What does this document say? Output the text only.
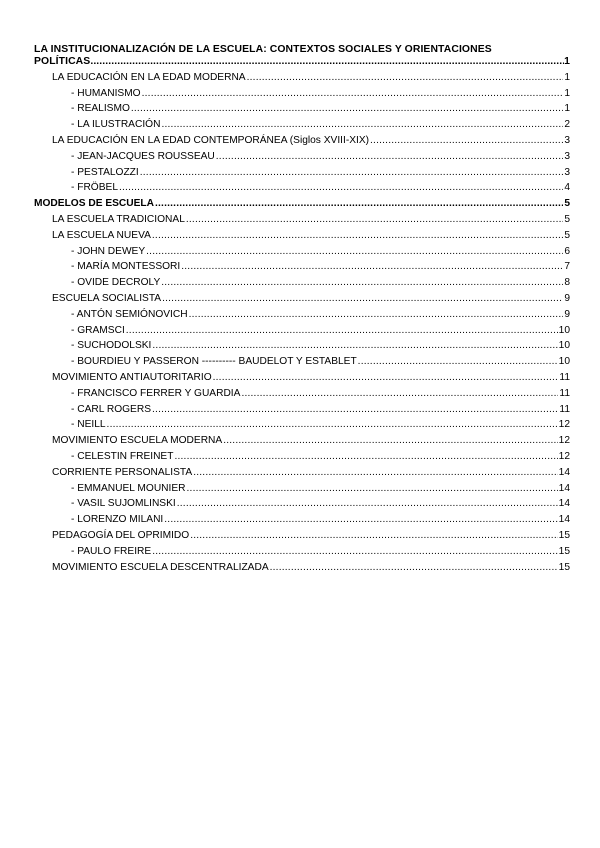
LA INSTITUCIONALIZACIÓN DE LA ESCUELA: CONTEXTOS SOCIALES Y ORIENTACIONES
POLÍTICAS .....	1
LA EDUCACIÓN EN LA EDAD MODERNA .....	1
- HUMANISMO .....	1
- REALISMO .....	1
- LA ILUSTRACIÓN .....	2
LA EDUCACIÓN EN LA EDAD CONTEMPORÁNEA (Siglos XVIII-XIX) .....	3
- JEAN-JACQUES ROUSSEAU .....	3
- PESTALOZZI .....	3
- FRÖBEL .....	4
MODELOS DE ESCUELA .....	5
LA ESCUELA TRADICIONAL .....	5
LA ESCUELA NUEVA .....	5
- JOHN DEWEY .....	6
- MARÍA MONTESSORI .....	7
- OVIDE DECROLY .....	8
ESCUELA SOCIALISTA .....	9
- ANTÓN SEMIÓNOVICH .....	9
- GRAMSCI .....	10
- SUCHODOLSKI .....	10
- BOURDIEU Y PASSERON ---------- BAUDELOT Y ESTABLET .....	10
MOVIMIENTO ANTIAUTORITARIO .....	11
- FRANCISCO FERRER Y GUARDIA .....	11
- CARL ROGERS .....	11
- NEILL .....	12
MOVIMIENTO ESCUELA MODERNA .....	12
- CELESTIN FREINET .....	12
CORRIENTE PERSONALISTA .....	14
- EMMANUEL MOUNIER .....	14
- VASIL SUJOMLINSKI .....	14
- LORENZO MILANI .....	14
PEDAGOGÍA DEL OPRIMIDO .....	15
- PAULO FREIRE .....	15
MOVIMIENTO ESCUELA DESCENTRALIZADA .....	15
